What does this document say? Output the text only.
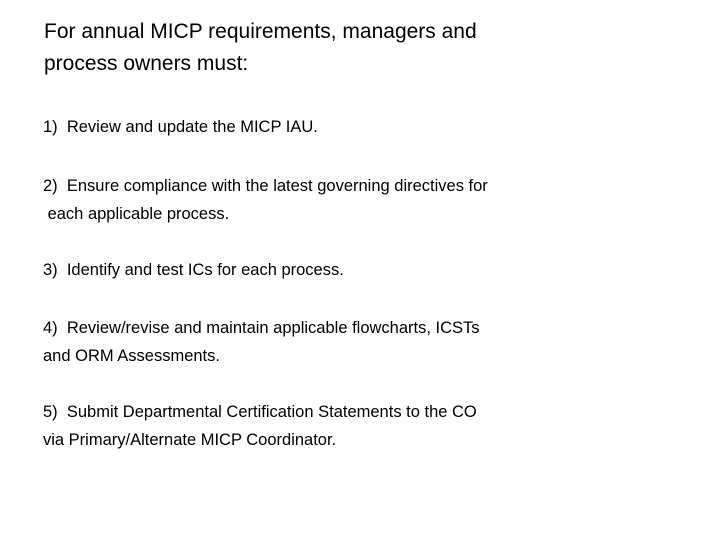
For annual MICP requirements, managers and
process owners must:

1)  Review and update the MICP IAU.

2)  Ensure compliance with the latest governing directives for
each applicable process.

3)  Identify and test ICs for each process.

4)  Review/revise and maintain applicable flowcharts, ICSTs
and ORM Assessments.

5)  Submit Departmental Certification Statements to the CO
via Primary/Alternate MICP Coordinator.
